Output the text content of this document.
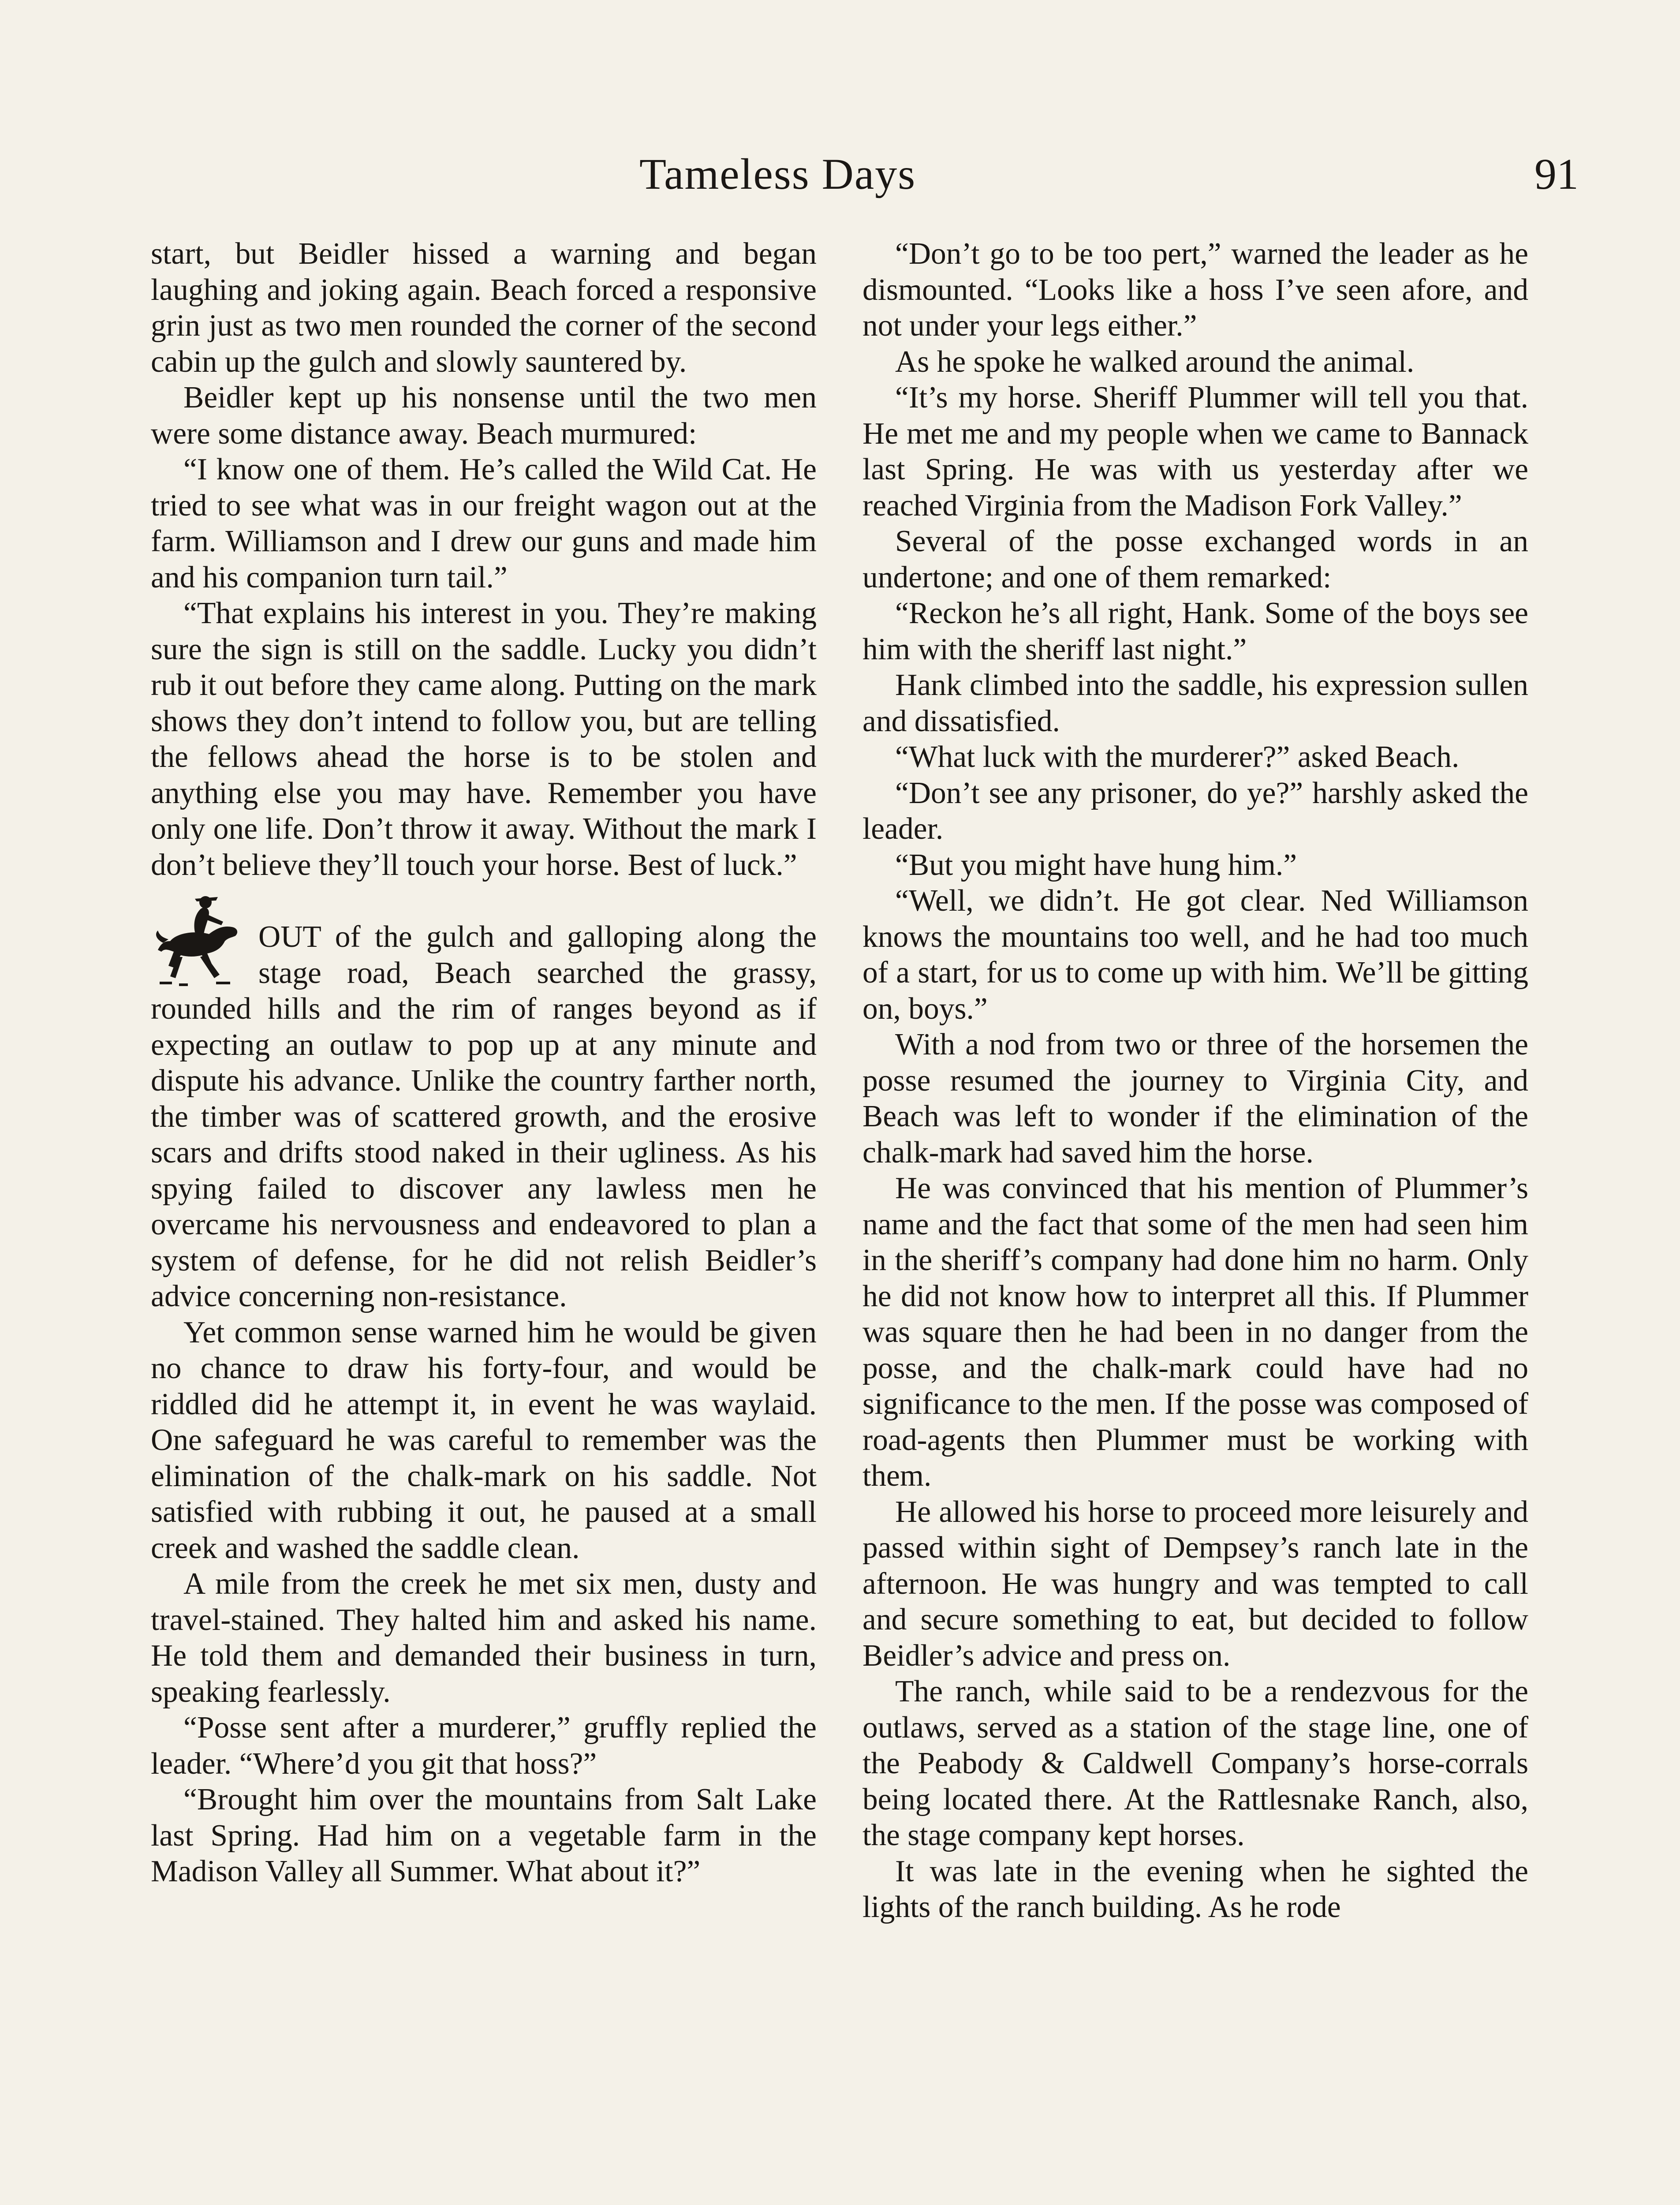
Tameless Days	91

start, but Beidler hissed a warning and began laughing and joking again. Beach forced a responsive grin just as two men rounded the corner of the second cabin up the gulch and slowly sauntered by.

Beidler kept up his nonsense until the two men were some distance away. Beach murmured:

“I know one of them. He’s called the Wild Cat. He tried to see what was in our freight wagon out at the farm. Williamson and I drew our guns and made him and his companion turn tail.”

“That explains his interest in you. They’re making sure the sign is still on the saddle. Lucky you didn’t rub it out before they came along. Putting on the mark shows they don’t intend to follow you, but are telling the fellows ahead the horse is to be stolen and anything else you may have. Remember you have only one life. Don’t throw it away. Without the mark I don’t believe they’ll touch your horse. Best of luck.”

OUT of the gulch and galloping along the stage road, Beach searched the grassy, rounded hills and the rim of ranges beyond as if expecting an outlaw to pop up at any minute and dispute his advance. Unlike the country farther north, the timber was of scattered growth, and the erosive scars and drifts stood naked in their ugliness. As his spying failed to discover any lawless men he overcame his nervousness and endeavored to plan a system of defense, for he did not relish Beidler’s advice concerning non-resistance.

Yet common sense warned him he would be given no chance to draw his forty-four, and would be riddled did he attempt it, in event he was waylaid. One safeguard he was careful to remember was the elimination of the chalk-mark on his saddle. Not satisfied with rubbing it out, he paused at a small creek and washed the saddle clean.

A mile from the creek he met six men, dusty and travel-stained. They halted him and asked his name. He told them and demanded their business in turn, speaking fearlessly.

“Posse sent after a murderer,” gruffly replied the leader. “Where’d you git that hoss?”

“Brought him over the mountains from Salt Lake last Spring. Had him on a vegetable farm in the Madison Valley all Summer. What about it?”

“Don’t go to be too pert,” warned the leader as he dismounted. “Looks like a hoss I’ve seen afore, and not under your legs either.”

As he spoke he walked around the animal.

“It’s my horse. Sheriff Plummer will tell you that. He met me and my people when we came to Bannack last Spring. He was with us yesterday after we reached Virginia from the Madison Fork Valley.”

Several of the posse exchanged words in an undertone; and one of them remarked:

“Reckon he’s all right, Hank. Some of the boys see him with the sheriff last night.”

Hank climbed into the saddle, his expression sullen and dissatisfied.

“What luck with the murderer?” asked Beach.

“Don’t see any prisoner, do ye?” harshly asked the leader.

“But you might have hung him.”

“Well, we didn’t. He got clear. Ned Williamson knows the mountains too well, and he had too much of a start, for us to come up with him. We’ll be gitting on, boys.”

With a nod from two or three of the horsemen the posse resumed the journey to Virginia City, and Beach was left to wonder if the elimination of the chalk-mark had saved him the horse.

He was convinced that his mention of Plummer’s name and the fact that some of the men had seen him in the sheriff’s company had done him no harm. Only he did not know how to interpret all this. If Plummer was square then he had been in no danger from the posse, and the chalk-mark could have had no significance to the men. If the posse was composed of road-agents then Plummer must be working with them.

He allowed his horse to proceed more leisurely and passed within sight of Dempsey’s ranch late in the afternoon. He was hungry and was tempted to call and secure something to eat, but decided to follow Beidler’s advice and press on.

The ranch, while said to be a rendezvous for the outlaws, served as a station of the stage line, one of the Peabody & Caldwell Company’s horse-corrals being located there. At the Rattlesnake Ranch, also, the stage company kept horses.

It was late in the evening when he sighted the lights of the ranch building. As he rode
